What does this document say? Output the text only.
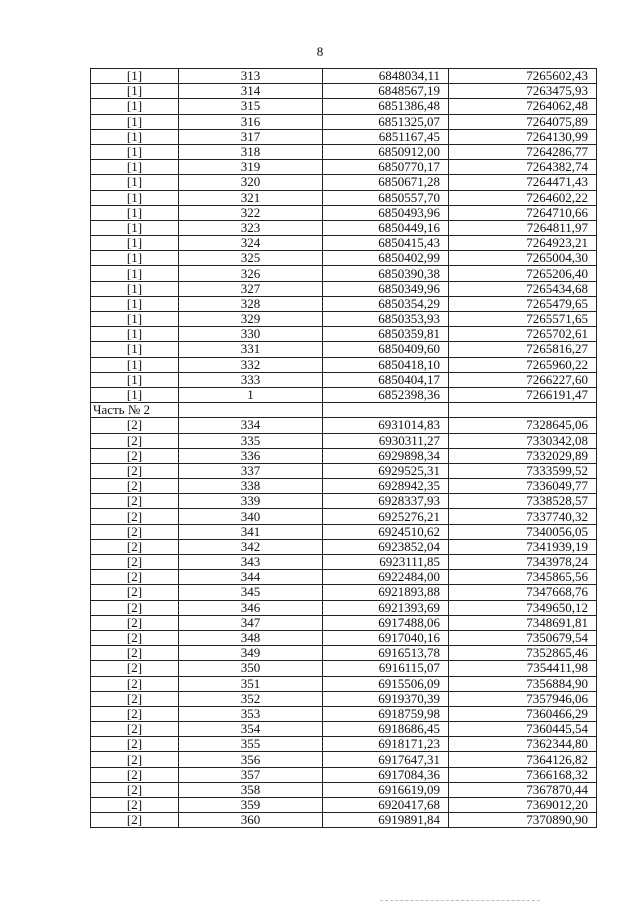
8
[1]	313	6848034,11	7265602,43
[1]	314	6848567,19	7263475,93
[1]	315	6851386,48	7264062,48
[1]	316	6851325,07	7264075,89
[1]	317	6851167,45	7264130,99
[1]	318	6850912,00	7264286,77
[1]	319	6850770,17	7264382,74
[1]	320	6850671,28	7264471,43
[1]	321	6850557,70	7264602,22
[1]	322	6850493,96	7264710,66
[1]	323	6850449,16	7264811,97
[1]	324	6850415,43	7264923,21
[1]	325	6850402,99	7265004,30
[1]	326	6850390,38	7265206,40
[1]	327	6850349,96	7265434,68
[1]	328	6850354,29	7265479,65
[1]	329	6850353,93	7265571,65
[1]	330	6850359,81	7265702,61
[1]	331	6850409,60	7265816,27
[1]	332	6850418,10	7265960,22
[1]	333	6850404,17	7266227,60
[1]	1	6852398,36	7266191,47
Часть № 2			
[2]	334	6931014,83	7328645,06
[2]	335	6930311,27	7330342,08
[2]	336	6929898,34	7332029,89
[2]	337	6929525,31	7333599,52
[2]	338	6928942,35	7336049,77
[2]	339	6928337,93	7338528,57
[2]	340	6925276,21	7337740,32
[2]	341	6924510,62	7340056,05
[2]	342	6923852,04	7341939,19
[2]	343	6923111,85	7343978,24
[2]	344	6922484,00	7345865,56
[2]	345	6921893,88	7347668,76
[2]	346	6921393,69	7349650,12
[2]	347	6917488,06	7348691,81
[2]	348	6917040,16	7350679,54
[2]	349	6916513,78	7352865,46
[2]	350	6916115,07	7354411,98
[2]	351	6915506,09	7356884,90
[2]	352	6919370,39	7357946,06
[2]	353	6918759,98	7360466,29
[2]	354	6918686,45	7360445,54
[2]	355	6918171,23	7362344,80
[2]	356	6917647,31	7364126,82
[2]	357	6917084,36	7366168,32
[2]	358	6916619,09	7367870,44
[2]	359	6920417,68	7369012,20
[2]	360	6919891,84	7370890,90
